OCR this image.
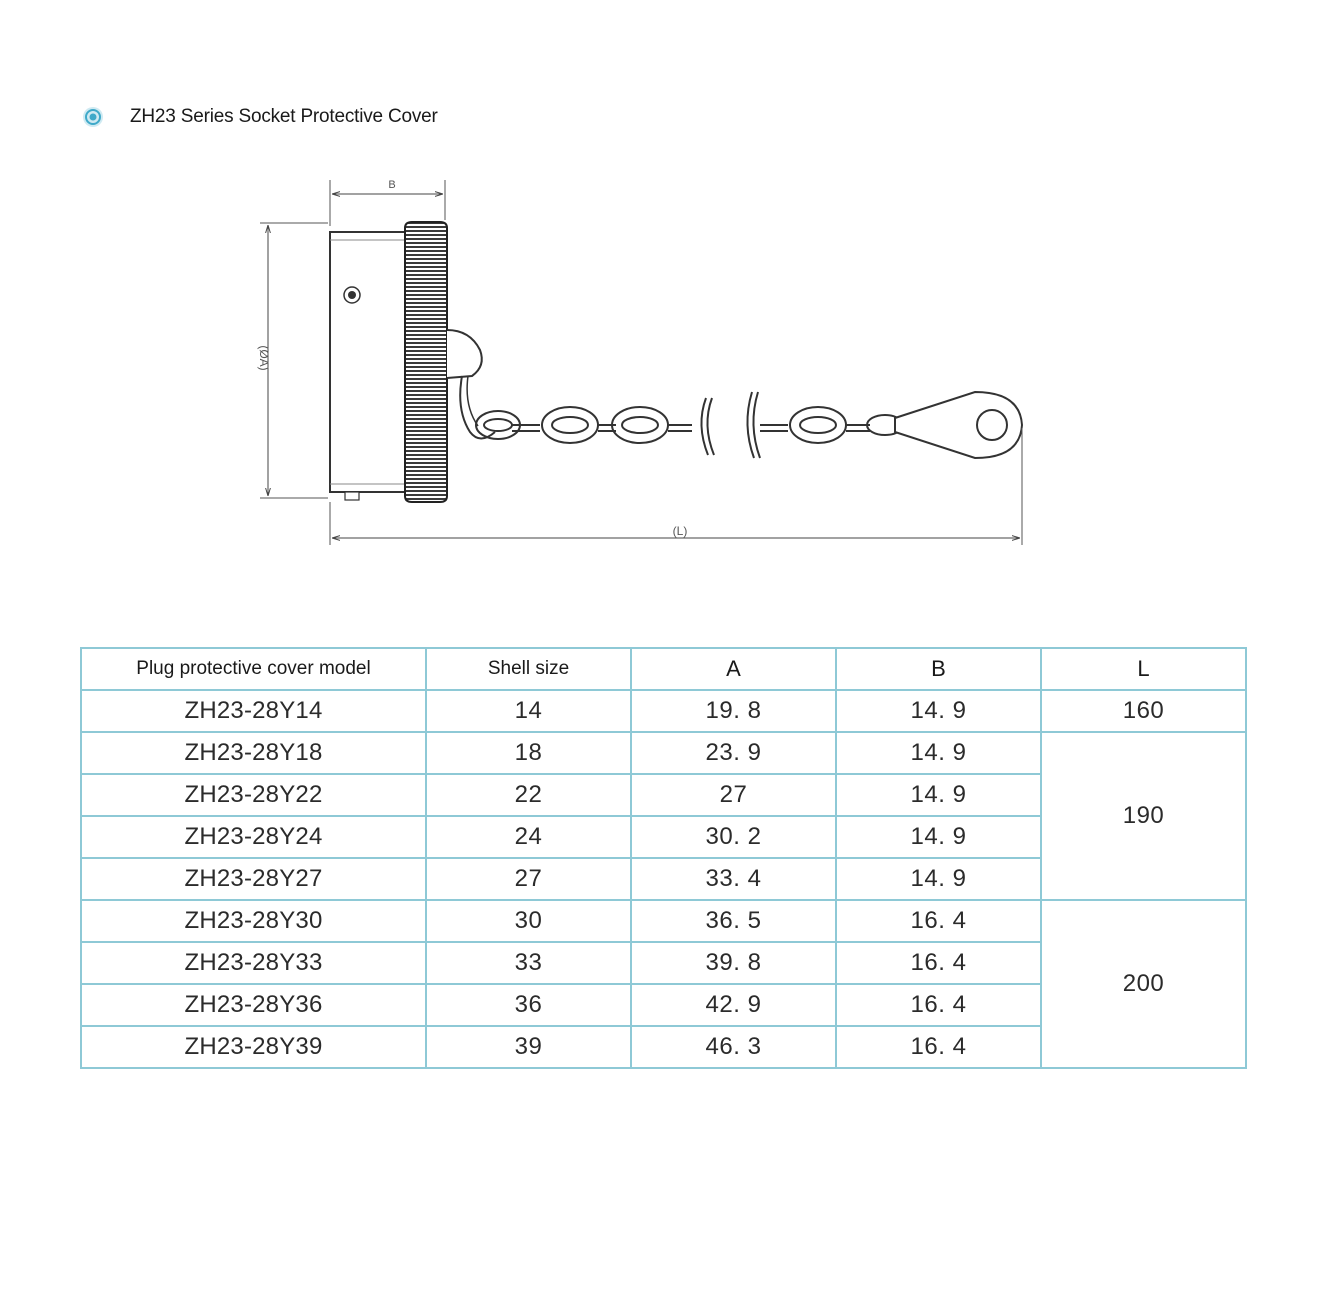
ZH23 Series Socket Protective Cover
B
(ØA)
(L)
Plug protective cover model	Shell size	A	B	L
ZH23-28Y14	14	19. 8	14. 9	160
ZH23-28Y18	18	23. 9	14. 9	190
ZH23-28Y22	22	27	14. 9	
ZH23-28Y24	24	30. 2	14. 9	
ZH23-28Y27	27	33. 4	14. 9	
ZH23-28Y30	30	36. 5	16. 4	200
ZH23-28Y33	33	39. 8	16. 4	
ZH23-28Y36	36	42. 9	16. 4	
ZH23-28Y39	39	46. 3	16. 4	
